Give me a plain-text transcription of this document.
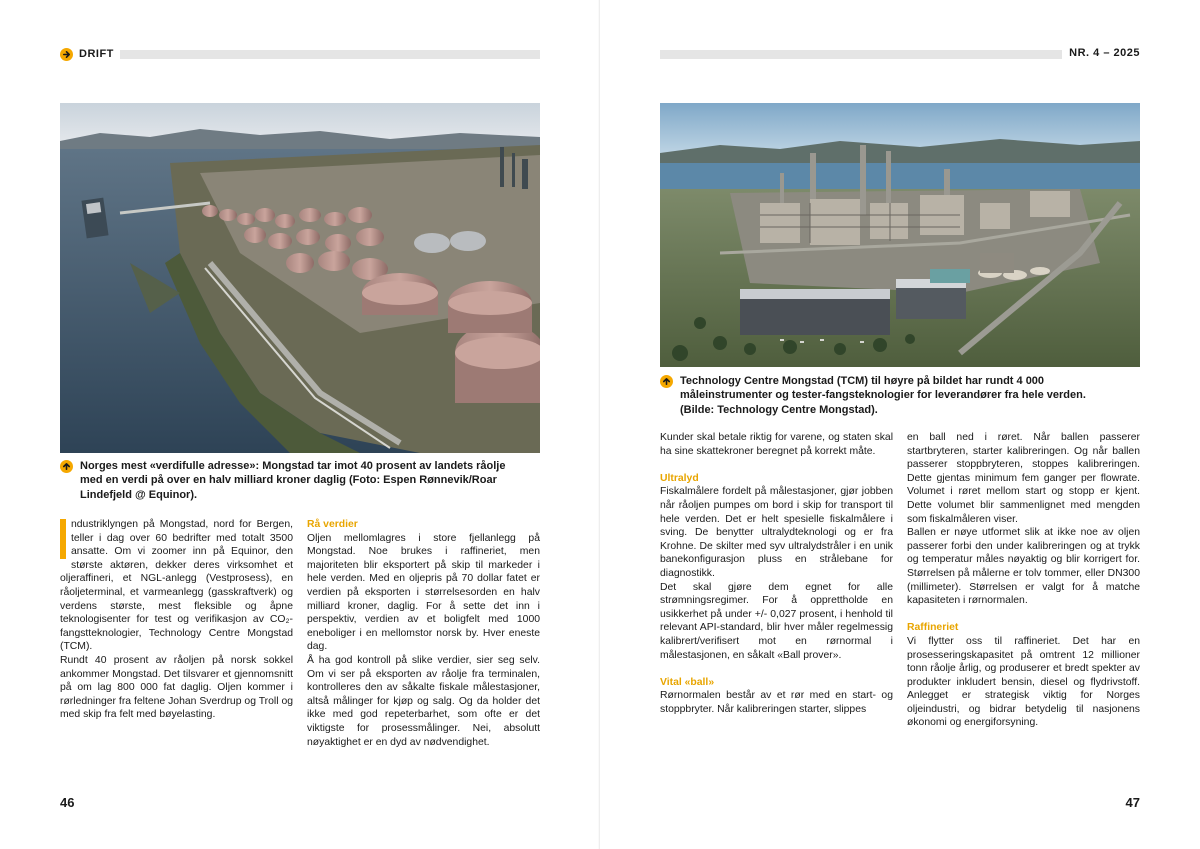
DRIFT
Norges mest «verdifulle adresse»: Mongstad tar imot 40 prosent av landets råolje med en verdi på over en halv milliard kroner daglig (Foto: Espen Rønnevik/Roar Lindefjeld @ Equinor).

ndustriklyngen på Mongstad, nord for Bergen, teller i dag over 60 bedrifter med totalt 3500 ansatte. Om vi zoomer inn på Equinor, den største aktøren, dekker deres virksomhet et oljeraffineri, et NGL-anlegg (Vestprosess), en råoljeterminal, et varmeanlegg (gasskraftverk) og verdens største, mest fleksible og åpne teknologisenter for test og verifikasjon av CO₂-fangstteknologier, Technology Centre Mongstad (TCM).

Rundt 40 prosent av råoljen på norsk sokkel ankommer Mongstad. Det tilsvarer et gjennomsnitt på om lag 800 000 fat daglig. Oljen kommer i rørledninger fra feltene Johan Sverdrup og Troll og med skip fra felt med bøyelasting.

Rå verdier

Oljen mellomlagres i store fjellanlegg på Mongstad. Noe brukes i raffineriet, men majoriteten blir eksportert på skip til markeder i hele verden. Med en oljepris på 70 dollar fatet er verdien på eksporten i størrelsesorden en halv milliard kroner, daglig. For å sette det inn i perspektiv, verdien av et boligfelt med 1000 eneboliger i en mellomstor norsk by. Hver eneste dag.

Å ha god kontroll på slike verdier, sier seg selv. Om vi ser på eksporten av råolje fra terminalen, kontrolleres den av såkalte fiskale målestasjoner, altså målinger for kjøp og salg. Og da holder det ikke med god repeterbarhet, som ofte er det viktigste for prosessmålinger. Nei, absolutt nøyaktighet er en dyd av nødvendighet.

46
NR. 4 – 2025
Technology Centre Mongstad (TCM) til høyre på bildet har rundt 4 000 måleinstrumenter og tester-fangsteknologier for leverandører fra hele verden. (Bilde: Technology Centre Mongstad).

Kunder skal betale riktig for varene, og staten skal ha sine skattekroner beregnet på korrekt måte.

Ultralyd

Fiskalmålere fordelt på målestasjoner, gjør jobben når råoljen pumpes om bord i skip for transport til hele verden. Det er helt spesielle fiskalmålere i sving. De benytter ultralydteknologi og er fra Krohne. De skilter med syv ultralydstråler i en unik banekonfigurasjon pluss en strålebane for diagnostikk.

Det skal gjøre dem egnet for alle strømningsregimer. For å opprettholde en usikkerhet på under +/- 0,027 prosent, i henhold til relevant API-standard, blir hver måler regelmessig kalibrert/verifisert mot en rørnormal i målestasjonen, en såkalt «Ball prover».

Vital «ball»

Rørnormalen består av et rør med en start- og stoppbryter. Når kalibreringen starter, slippes

en ball ned i røret. Når ballen passerer startbryteren, starter kalibreringen. Og når ballen passerer stoppbryteren, stoppes kalibreringen. Dette gjentas minimum fem ganger per flowrate. Volumet i røret mellom start og stopp er kjent. Dette volumet blir sammenlignet med mengden som fiskalmåleren viser.

Ballen er nøye utformet slik at ikke noe av oljen passerer forbi den under kalibreringen og at trykk og temperatur måles nøyaktig og blir korrigert for. Størrelsen på målerne er tolv tommer, eller DN300 (millimeter). Størrelsen er valgt for å matche kapasiteten i rørnormalen.

Raffineriet

Vi flytter oss til raffineriet. Det har en prosesseringskapasitet på omtrent 12 millioner tonn råolje årlig, og produserer et bredt spekter av produkter inkludert bensin, diesel og flydrivstoff. Anlegget er strategisk viktig for Norges oljeindustri, og bidrar betydelig til nasjonens økonomi og energiforsyning.

47
